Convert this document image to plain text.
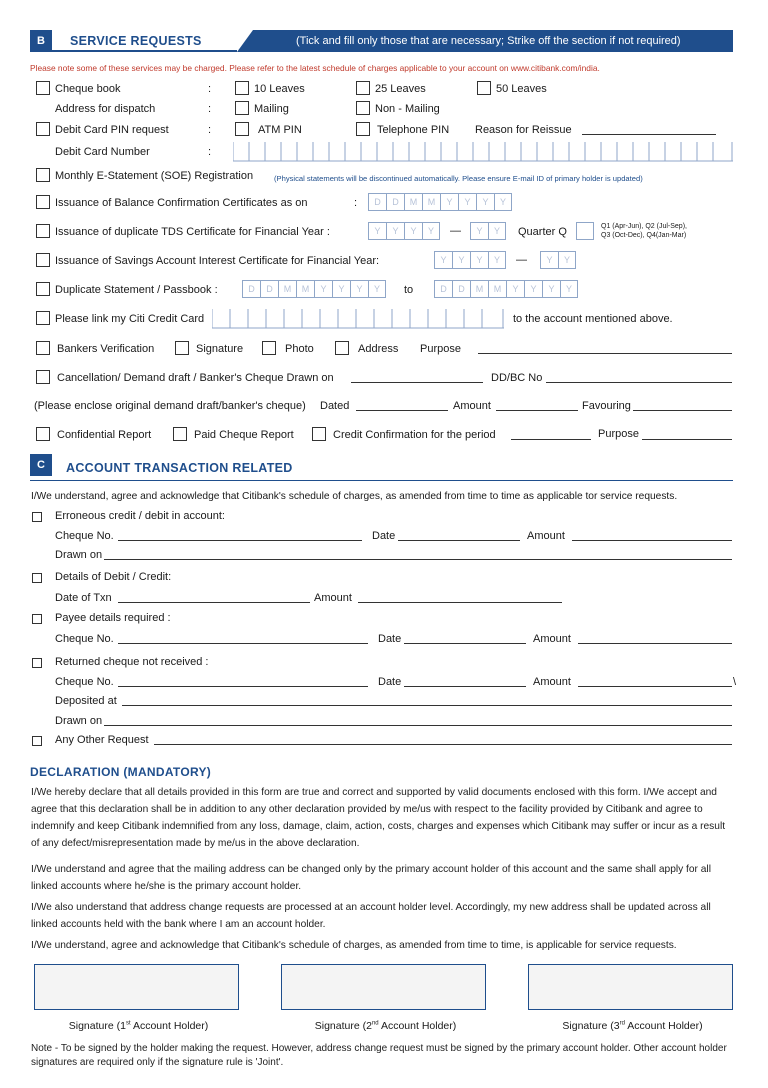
B	SERVICE REQUESTS	(Tick and fill only those that are necessary; Strike off the section if not required)
Please note some of these services may be charged. Please refer to the latest schedule of charges applicable to your account on www.citibank.com/india.
Cheque book	:	10 Leaves	25 Leaves	50 Leaves
Address for dispatch	:	Mailing	Non - Mailing
Debit Card PIN request	:	ATM PIN	Telephone PIN Reason for Reissue
Debit Card Number	:
Monthly E-Statement (SOE) Registration	(Physical statements will be discontinued automatically. Please ensure E-mail ID of primary holder is updated)
Issuance of Balance Confirmation Certificates as on	:	D	D	M	M	Y	Y	Y	Y
Issuance of duplicate TDS Certificate for Financial Year :	Y	Y	Y	Y	—	Y	Y	Quarter Q	Q1 (Apr-Jun), Q2 (Jul-Sep),
Q3 (Oct-Dec), Q4(Jan-Mar)
Issuance of Savings Account Interest Certificate for Financial Year:	Y	Y	Y	Y	—	Y	Y
Duplicate Statement / Passbook :	D	D	M	M	Y	Y	Y	Y	to	D	D	M	M	Y	Y	Y	Y
Please link my Citi Credit Card	to the account mentioned above.
Bankers Verification	Signature	Photo	Address Purpose
Cancellation/ Demand draft / Banker's Cheque Drawn on	DD/BC No
(Please enclose original demand draft/banker's cheque) Dated	Amount	Favouring
Confidential Report	Paid Cheque Report	Credit Confirmation for the period	Purpose
C	ACCOUNT TRANSACTION RELATED
I/We understand, agree and acknowledge that Citibank's schedule of charges, as amended from time to time as applicable tor service requests.
Erroneous credit / debit in account:
Cheque No.	Date	Amount
Drawn on
Details of Debit / Credit:
Date of Txn	Amount
Payee details required :
Cheque No.	Date	Amount
Returned cheque not received :
Cheque No.	Date	Amount	\
Deposited at
Drawn on
Any Other Request
DECLARATION (MANDATORY)
I/We hereby declare that all details provided in this form are true and correct and supported by valid documents enclosed with this form. I/We accept and agree that this declaration shall be in addition to any other declaration provided by me/us with respect to the facility provided by Citibank and agree to indemnify and keep Citibank indemnified from any loss, damage, claim, action, costs, charges and expenses which Citibank may suffer or incur as a result of any defect/misrepresentation made by me/us in the above declaration.
I/We understand and agree that the mailing address can be changed only by the primary account holder of this account and the same shall apply for all linked accounts where he/she is the primary account holder.
I/We also understand that address change requests are processed at an account holder level. Accordingly, my new address shall be updated across all linked accounts held with the bank where I am an account holder.
I/We understand, agree and acknowledge that Citibank's schedule of charges, as amended from time to time, is applicable for service requests.
Signature (1st Account Holder)	Signature (2nd Account Holder)	Signature (3rd Account Holder)
Note - To be signed by the holder making the request. However, address change request must be signed by the primary account holder. Other account holder signatures are required only if the signature rule is 'Joint'.
